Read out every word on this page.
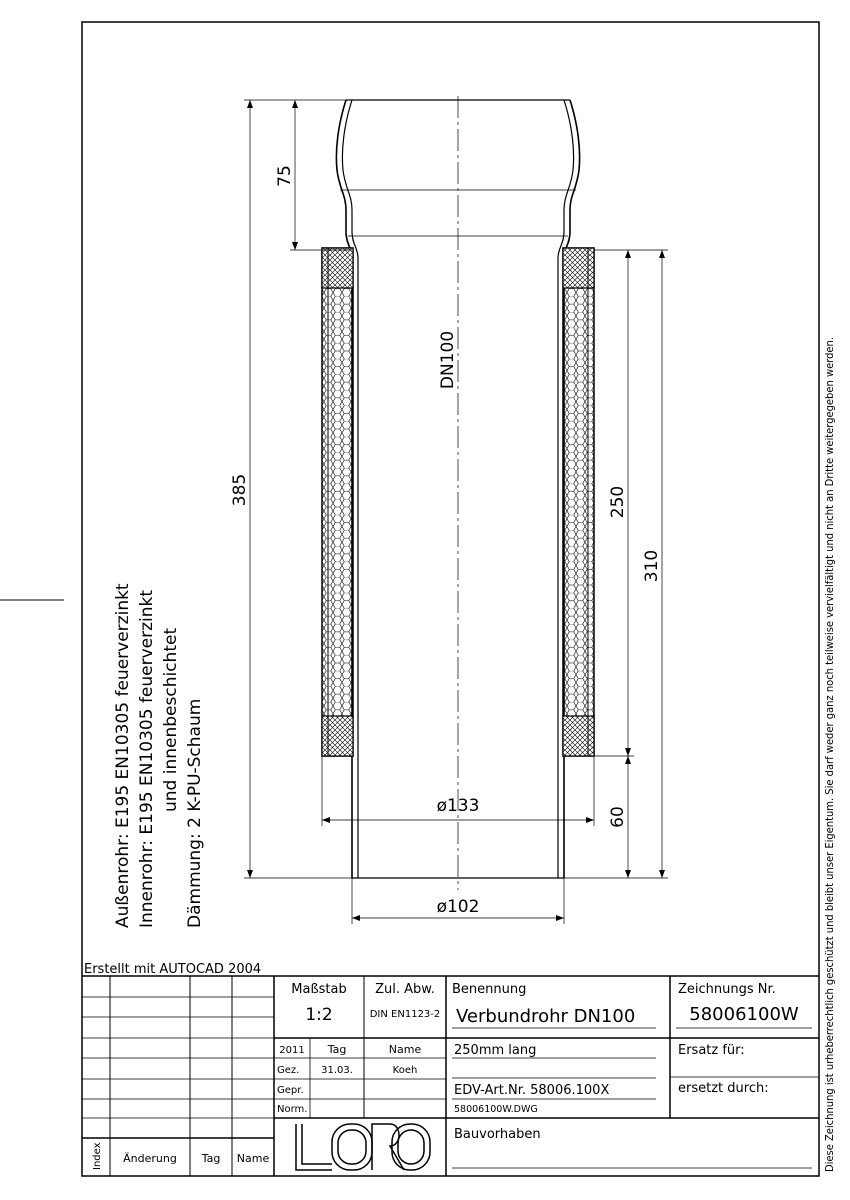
75
385	250
310
60
ø133
ø102
DN100
Außenrohr: E195 EN10305 feuerverzinkt Innenrohr: E195 EN10305 feuerverzinkt und innenbeschichtet Dämmung: 2 K-PU-Schaum	Diese Zeichnung ist urheberrechtlich geschützt und bleibt unser Eigentum. Sie darf weder ganz noch teilweise vervielfältigt und nicht an Dritte weitergegeben werden.
Erstellt mit AUTOCAD 2004
Index Änderung Tag Name
Maßstab
1:2
Zul. Abw.
DIN EN1123-2
2011 Tag	Name
Gez. 31.03.	Koeh
Gepr.
Norm.
Benennung
Verbundrohr DN100
Zeichnungs Nr.
58006100W
250mm lang	Ersatz für:
EDV-Art.Nr. 58006.100X
58006100W.DWG
ersetzt durch:
Bauvorhaben
